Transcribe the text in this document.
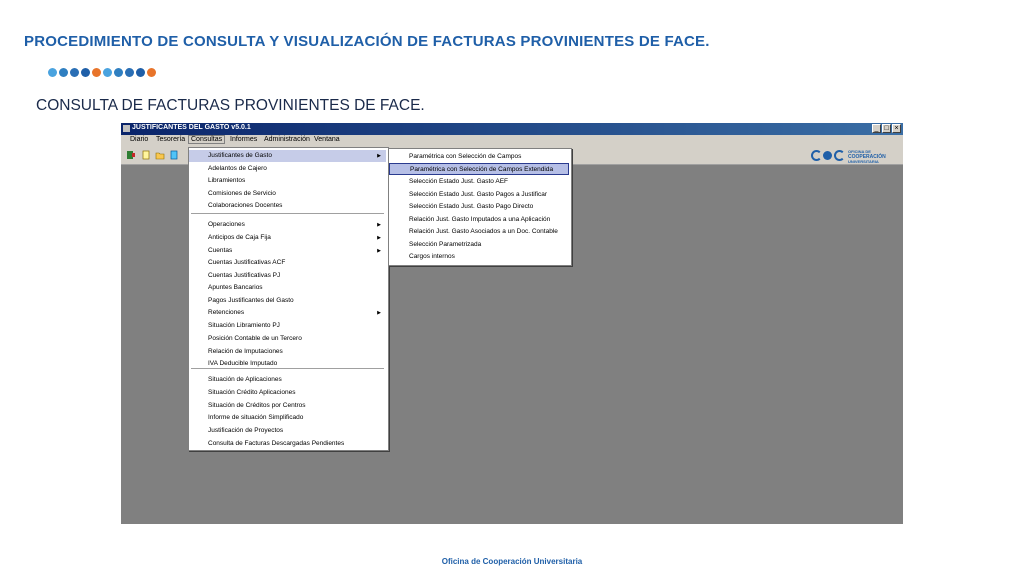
PROCEDIMIENTO DE CONSULTA Y VISUALIZACIÓN DE FACTURAS PROVINIENTES DE FACE.
CONSULTA DE FACTURAS PROVINIENTES DE FACE.
JUSTIFICANTES DEL GASTO v5.0.1	_ □ ×
Diario Tesorería Consultas	Informes Administración Ventana
OFICINA DE
COOPERACIÓN
UNIVERSITARIA
Justificantes de Gasto	▶
Adelantos de Cajero
Libramientos
Comisiones de Servicio
Colaboraciones Docentes
Operaciones	▶
Anticipos de Caja Fija	▶
Cuentas	▶
Cuentas Justificativas ACF
Cuentas Justificativas PJ
Apuntes Bancarios
Pagos Justificantes del Gasto
Retenciones	▶
Situación Libramiento PJ
Posición Contable de un Tercero
Relación de Imputaciones
IVA Deducible Imputado
Situación de Aplicaciones
Situación Crédito Aplicaciones
Situación de Créditos por Centros
Informe de situación Simplificado
Justificación de Proyectos
Consulta de Facturas Descargadas Pendientes
Paramétrica con Selección de Campos
Paramétrica con Selección de Campos Extendida
Selección Estado Just. Gasto AEF
Selección Estado Just. Gasto Pagos a Justificar
Selección Estado Just. Gasto Pago Directo
Relación Just. Gasto Imputados a una Aplicación
Relación Just. Gasto Asociados a un Doc. Contable
Selección Parametrizada
Cargos internos
Oficina de Cooperación Universitaria
